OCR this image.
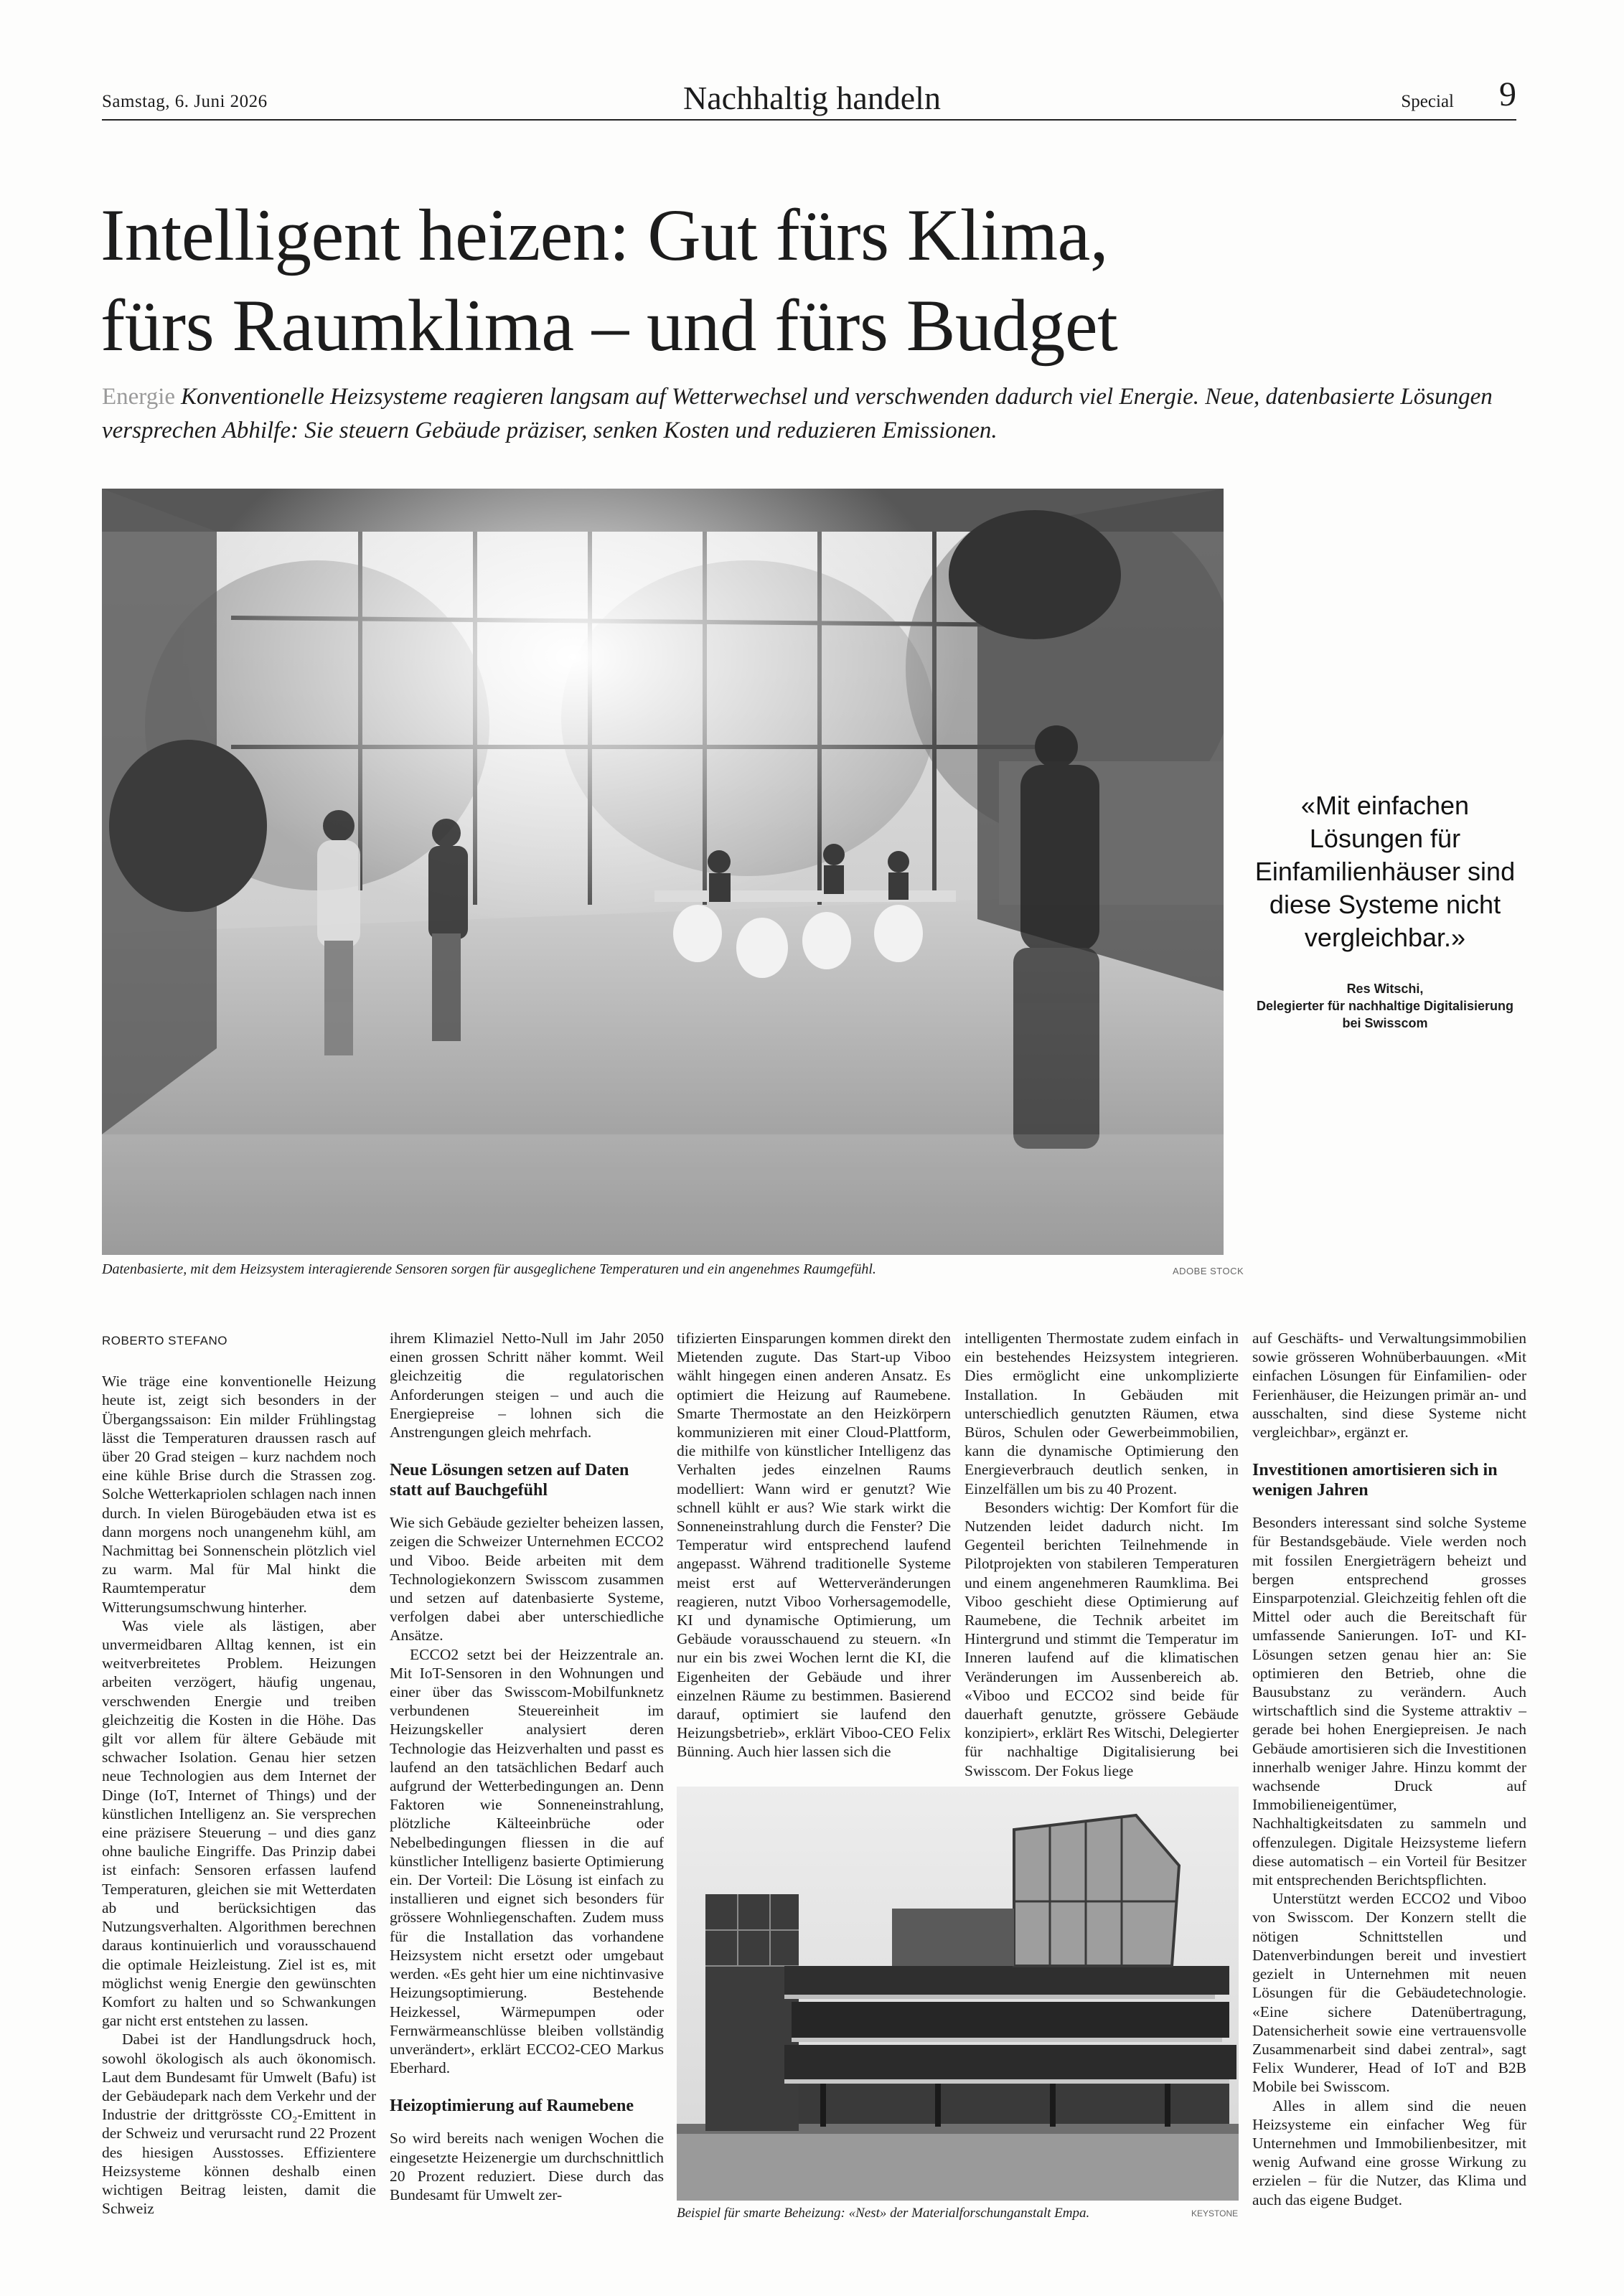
Samstag, 6. Juni 2026	Nachhaltig handeln	Special 9
Intelligent heizen: Gut fürs Klima,
fürs Raumklima – und fürs Budget
Energie Konventionelle Heizsysteme reagieren langsam auf Wetterwechsel und verschwenden dadurch viel Energie. Neue, datenbasierte Lösungen versprechen Abhilfe: Sie steuern Gebäude präziser, senken Kosten und reduzieren Emissionen.
Datenbasierte, mit dem Heizsystem interagierende Sensoren sorgen für ausgeglichene Temperaturen und ein angenehmes Raumgefühl.	ADOBE STOCK
«Mit einfachen Lösungen für Einfamilienhäuser sind diese Systeme nicht vergleichbar.»
Res Witschi,
Delegierter für nachhaltige Digitalisierung bei Swisscom
ROBERTO STEFANO

Wie träge eine konventionelle Heizung heute ist, zeigt sich besonders in der Übergangssaison: Ein milder Frühlingstag lässt die Temperaturen draussen rasch auf über 20 Grad steigen – kurz nachdem noch eine kühle Brise durch die Strassen zog. Solche Wetterkapriolen schlagen nach innen durch. In vielen Bürogebäuden etwa ist es dann morgens noch unangenehm kühl, am Nachmittag bei Sonnenschein plötzlich viel zu warm. Mal für Mal hinkt die Raumtemperatur dem Witterungsumschwung hinterher.

Was viele als lästigen, aber unvermeidbaren Alltag kennen, ist ein weitverbreitetes Problem. Heizungen arbeiten verzögert, häufig ungenau, verschwenden Energie und treiben gleichzeitig die Kosten in die Höhe. Das gilt vor allem für ältere Gebäude mit schwacher Isolation. Genau hier setzen neue Technologien aus dem Internet der Dinge (IoT, Internet of Things) und der künstlichen Intelligenz an. Sie versprechen eine präzisere Steuerung – und dies ganz ohne bauliche Eingriffe. Das Prinzip dabei ist einfach: Sensoren erfassen laufend Temperaturen, gleichen sie mit Wetterdaten ab und berücksichtigen das Nutzungsverhalten. Algorithmen berechnen daraus kontinuierlich und vorausschauend die optimale Heizleistung. Ziel ist es, mit möglichst wenig Energie den gewünschten Komfort zu halten und so Schwankungen gar nicht erst entstehen zu lassen.

Dabei ist der Handlungsdruck hoch, sowohl ökologisch als auch ökonomisch. Laut dem Bundesamt für Umwelt (Bafu) ist der Gebäudepark nach dem Verkehr und der Industrie der drittgrösste CO₂-Emittent in der Schweiz und verursacht rund 22 Prozent des hiesigen Ausstosses. Effizientere Heizsysteme können deshalb einen wichtigen Beitrag leisten, damit die Schweiz

ihrem Klimaziel Netto-Null im Jahr 2050 einen grossen Schritt näher kommt. Weil gleichzeitig die regulatorischen Anforderungen steigen – und auch die Energiepreise – lohnen sich die Anstrengungen gleich mehrfach.

Neue Lösungen setzen auf Daten statt auf Bauchgefühl

Wie sich Gebäude gezielter beheizen lassen, zeigen die Schweizer Unternehmen ECCO2 und Viboo. Beide arbeiten mit dem Technologiekonzern Swisscom zusammen und setzen auf datenbasierte Systeme, verfolgen dabei aber unterschiedliche Ansätze.

ECCO2 setzt bei der Heizzentrale an. Mit IoT-Sensoren in den Wohnungen und einer über das Swisscom-Mobilfunknetz verbundenen Steuereinheit im Heizungskeller analysiert deren Technologie das Heizverhalten und passt es laufend an den tatsächlichen Bedarf auch aufgrund der Wetterbedingungen an. Denn Faktoren wie Sonneneinstrahlung, plötzliche Kälteeinbrüche oder Nebelbedingungen fliessen in die auf künstlicher Intelligenz basierte Optimierung ein. Der Vorteil: Die Lösung ist einfach zu installieren und eignet sich besonders für grössere Wohnliegenschaften. Zudem muss für die Installation das vorhandene Heizsystem nicht ersetzt oder umgebaut werden. «Es geht hier um eine nichtinvasive Heizungsoptimierung. Bestehende Heizkessel, Wärmepumpen oder Fernwärmeanschlüsse bleiben vollständig unverändert», erklärt ECCO2-CEO Markus Eberhard.

Heizoptimierung auf Raumebene

So wird bereits nach wenigen Wochen die eingesetzte Heizenergie um durchschnittlich 20 Prozent reduziert. Diese durch das Bundesamt für Umwelt zer-

tifizierten Einsparungen kommen direkt den Mietenden zugute. Das Start-up Viboo wählt hingegen einen anderen Ansatz. Es optimiert die Heizung auf Raumebene. Smarte Thermostate an den Heizkörpern kommunizieren mit einer Cloud-Plattform, die mithilfe von künstlicher Intelligenz das Verhalten jedes einzelnen Raums modelliert: Wann wird er genutzt? Wie schnell kühlt er aus? Wie stark wirkt die Sonneneinstrahlung durch die Fenster? Die Temperatur wird entsprechend laufend angepasst. Während traditionelle Systeme meist erst auf Wetterveränderungen reagieren, nutzt Viboo Vorhersagemodelle, KI und dynamische Optimierung, um Gebäude vorausschauend zu steuern. «In nur ein bis zwei Wochen lernt die KI, die Eigenheiten der Gebäude und ihrer einzelnen Räume zu bestimmen. Basierend darauf, optimiert sie laufend den Heizungsbetrieb», erklärt Viboo-CEO Felix Bünning. Auch hier lassen sich die

intelligenten Thermostate zudem einfach in ein bestehendes Heizsystem integrieren. Dies ermöglicht eine unkomplizierte Installation. In Gebäuden mit unterschiedlich genutzten Räumen, etwa Büros, Schulen oder Gewerbeimmobilien, kann die dynamische Optimierung den Energieverbrauch deutlich senken, in Einzelfällen um bis zu 40 Prozent.

Besonders wichtig: Der Komfort für die Nutzenden leidet dadurch nicht. Im Gegenteil berichten Teilnehmende in Pilotprojekten von stabileren Temperaturen und einem angenehmeren Raumklima. Bei Viboo geschieht diese Optimierung auf Raumebene, die Technik arbeitet im Hintergrund und stimmt die Temperatur im Inneren laufend auf die klimatischen Veränderungen im Aussenbereich ab. «Viboo und ECCO2 sind beide für dauerhaft genutzte, grössere Gebäude konzipiert», erklärt Res Witschi, Delegierter für nachhaltige Digitalisierung bei Swisscom. Der Fokus liege

auf Geschäfts- und Verwaltungsimmobilien sowie grösseren Wohnüberbauungen. «Mit einfachen Lösungen für Einfamilien- oder Ferienhäuser, die Heizungen primär an- und ausschalten, sind diese Systeme nicht vergleichbar», ergänzt er.

Investitionen amortisieren sich in wenigen Jahren

Besonders interessant sind solche Systeme für Bestandsgebäude. Viele werden noch mit fossilen Energieträgern beheizt und bergen entsprechend grosses Einsparpotenzial. Gleichzeitig fehlen oft die Mittel oder auch die Bereitschaft für umfassende Sanierungen. IoT- und KI-Lösungen setzen genau hier an: Sie optimieren den Betrieb, ohne die Bausubstanz zu verändern. Auch wirtschaftlich sind die Systeme attraktiv – gerade bei hohen Energiepreisen. Je nach Gebäude amortisieren sich die Investitionen innerhalb weniger Jahre. Hinzu kommt der wachsende Druck auf Immobilieneigentümer, Nachhaltigkeitsdaten zu sammeln und offenzulegen. Digitale Heizsysteme liefern diese automatisch – ein Vorteil für Besitzer mit entsprechenden Berichtspflichten.

Unterstützt werden ECCO2 und Viboo von Swisscom. Der Konzern stellt die nötigen Schnittstellen und Datenverbindungen bereit und investiert gezielt in Unternehmen mit neuen Lösungen für die Gebäudetechnologie. «Eine sichere Datenübertragung, Datensicherheit sowie eine vertrauensvolle Zusammenarbeit sind dabei zentral», sagt Felix Wunderer, Head of IoT and B2B Mobile bei Swisscom.

Alles in allem sind die neuen Heizsysteme ein einfacher Weg für Unternehmen und Immobilienbesitzer, mit wenig Aufwand eine grosse Wirkung zu erzielen – für die Nutzer, das Klima und auch das eigene Budget.

Beispiel für smarte Beheizung: «Nest» der Materialforschunganstalt Empa.	KEYSTONE
